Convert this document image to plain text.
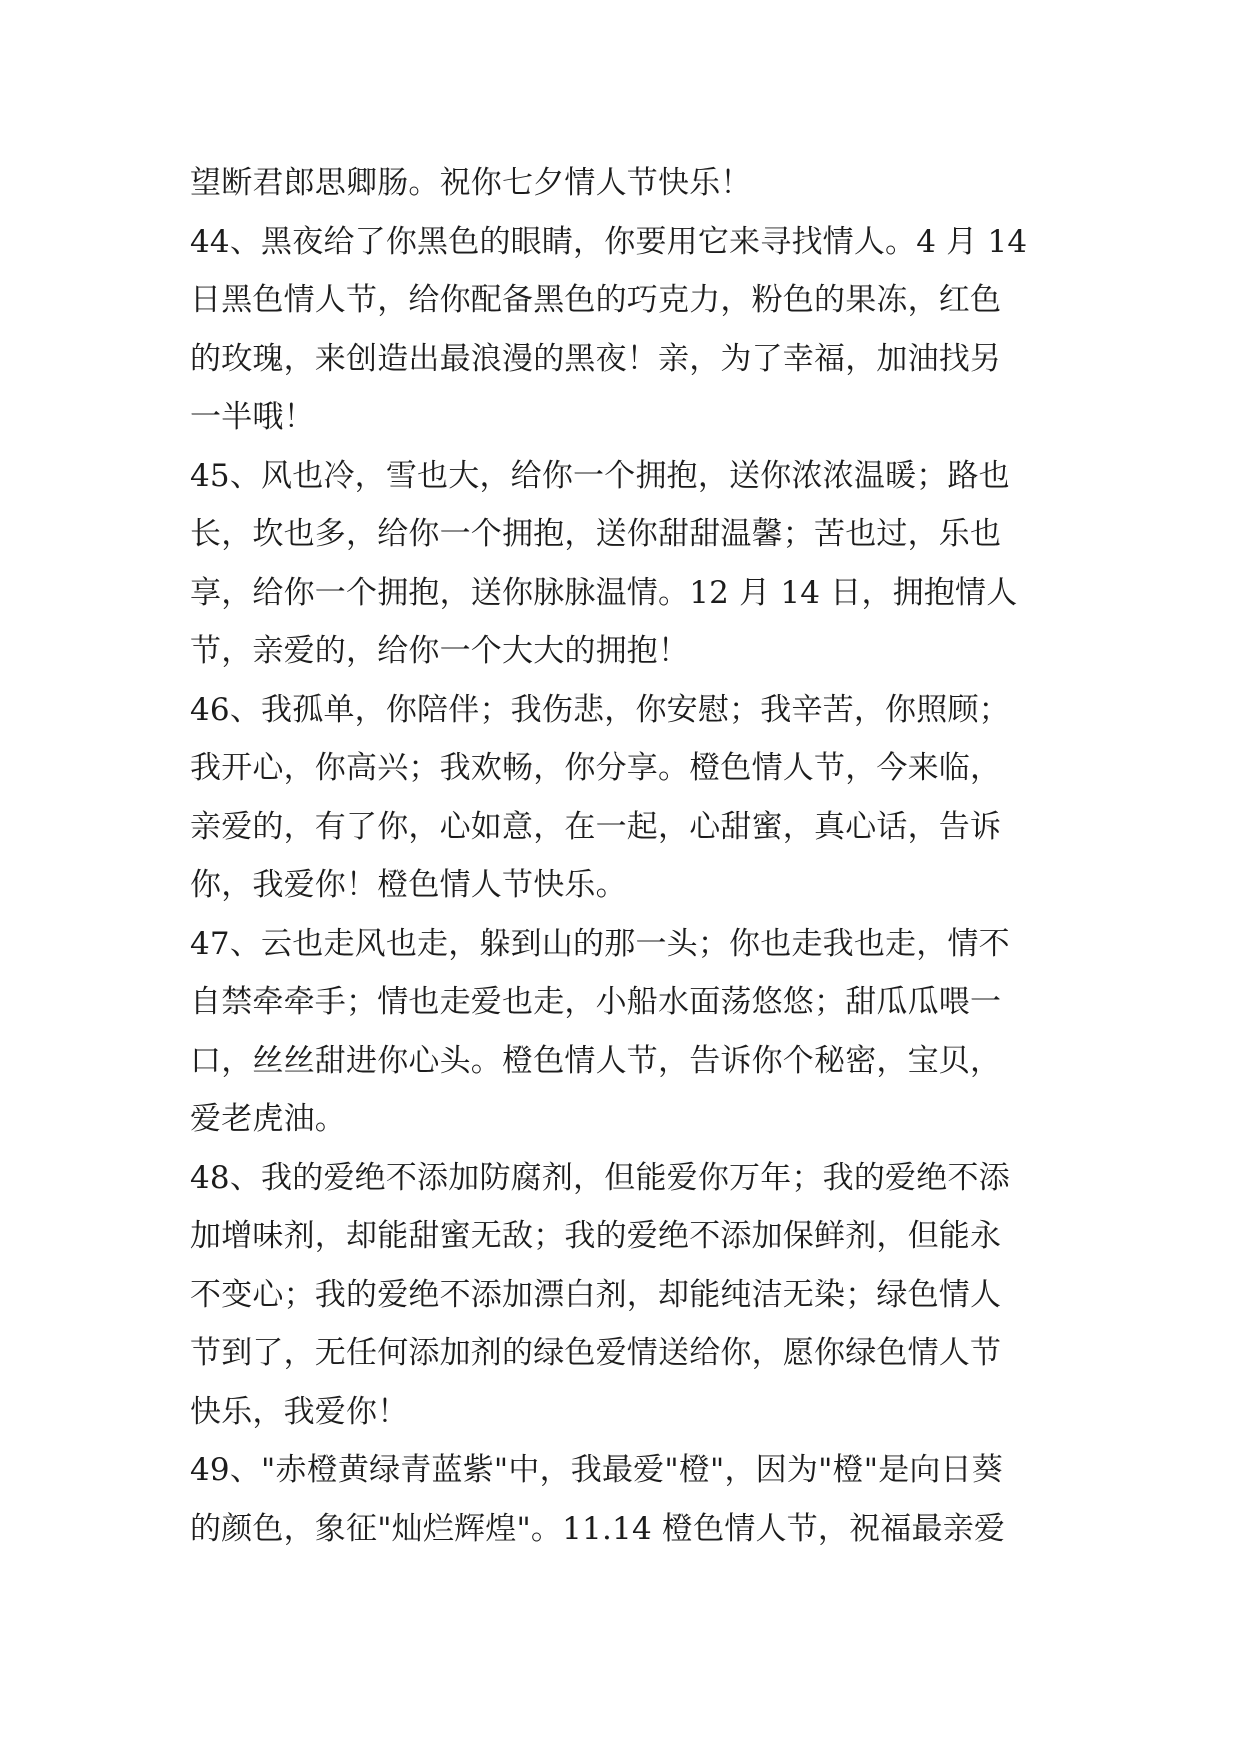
望断君郎思卿肠。祝你七夕情人节快乐！
44、黑夜给了你黑色的眼睛，你要用它来寻找情人。4 月 14
日黑色情人节，给你配备黑色的巧克力，粉色的果冻，红色
的玫瑰，来创造出最浪漫的黑夜！亲，为了幸福，加油找另
一半哦！
45、风也冷，雪也大，给你一个拥抱，送你浓浓温暖；路也
长，坎也多，给你一个拥抱，送你甜甜温馨；苦也过，乐也
享，给你一个拥抱，送你脉脉温情。12 月 14 日，拥抱情人
节，亲爱的，给你一个大大的拥抱！
46、我孤单，你陪伴；我伤悲，你安慰；我辛苦，你照顾；
我开心，你高兴；我欢畅，你分享。橙色情人节，今来临，
亲爱的，有了你，心如意，在一起，心甜蜜，真心话，告诉
你，我爱你！橙色情人节快乐。
47、云也走风也走，躲到山的那一头；你也走我也走，情不
自禁牵牵手；情也走爱也走，小船水面荡悠悠；甜瓜瓜喂一
口，丝丝甜进你心头。橙色情人节，告诉你个秘密，宝贝，
爱老虎油。
48、我的爱绝不添加防腐剂，但能爱你万年；我的爱绝不添
加增味剂，却能甜蜜无敌；我的爱绝不添加保鲜剂，但能永
不变心；我的爱绝不添加漂白剂，却能纯洁无染；绿色情人
节到了，无任何添加剂的绿色爱情送给你，愿你绿色情人节
快乐，我爱你！
49、"赤橙黄绿青蓝紫"中，我最爱"橙"，因为"橙"是向日葵
的颜色，象征"灿烂辉煌"。11.14 橙色情人节，祝福最亲爱
